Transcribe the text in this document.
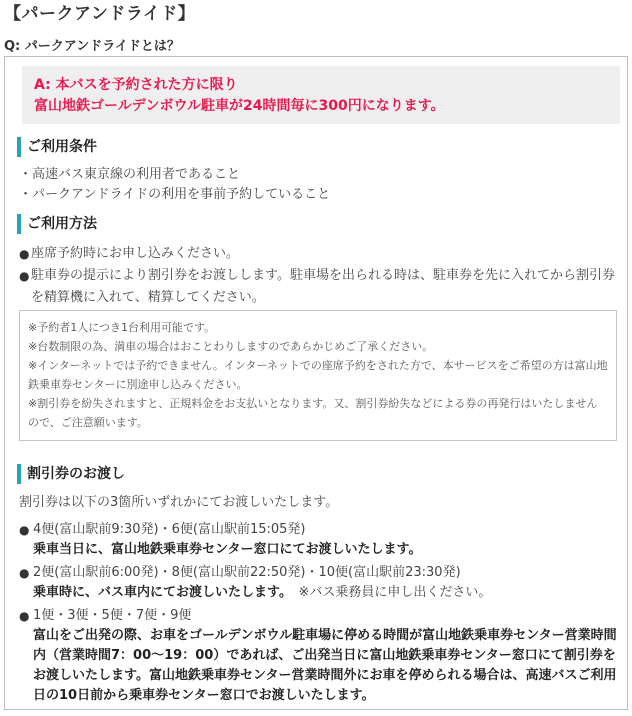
【パークアンドライド】
Q: パークアンドライドとは？

A: 本バスを予約された方に限り

富山地鉄ゴールデンボウル駐車が24時間毎に300円になります。

ご利用条件
・高速バス東京線の利用者であること
・パークアンドライドの利用を事前予約していること
ご利用方法
● 座席予約時にお申し込みください。
● 駐車券の提示により割引券をお渡しします。駐車場を出られる時は、駐車券を先に入れてから割引券を精算機に入れて、精算してください。

※予約者1人につき1台利用可能です。

※台数制限の為、満車の場合はおことわりしますのであらかじめご了承ください。

※インターネットでは予約できません。インターネットでの座席予約をされた方で、本サービスをご希望の方は富山地鉄乗車券センターに別途申し込みください。

※割引券を紛失されますと、正規料金をお支払いとなります。又、割引券紛失などによる券の再発行はいたしませんので、ご注意願います。

割引券のお渡し
割引券は以下の3箇所いずれかにてお渡しいたします。
● 4便(富山駅前9:30発)・6便(富山駅前15:05発)
乗車当日に、富山地鉄乗車券センター窓口にてお渡しいたします。
● 2便(富山駅前6:00発)・8便(富山駅前22:50発)・10便(富山駅前23:30発)
乗車時に、バス車内にてお渡しいたします。　 ※バス乗務員に申し出ください。
● 1便・3便・5便・7便・9便
富山をご出発の際、お車をゴールデンボウル駐車場に停める時間が富山地鉄乗車券センター営業時間内（営業時間7：00〜19：00）であれば、ご出発当日に富山地鉄乗車券センター窓口にて割引券をお渡しいたします。富山地鉄乗車券センター営業時間外にお車を停められる場合は、高速バスご利用日の10日前から乗車券センター窓口でお渡しいたします。
